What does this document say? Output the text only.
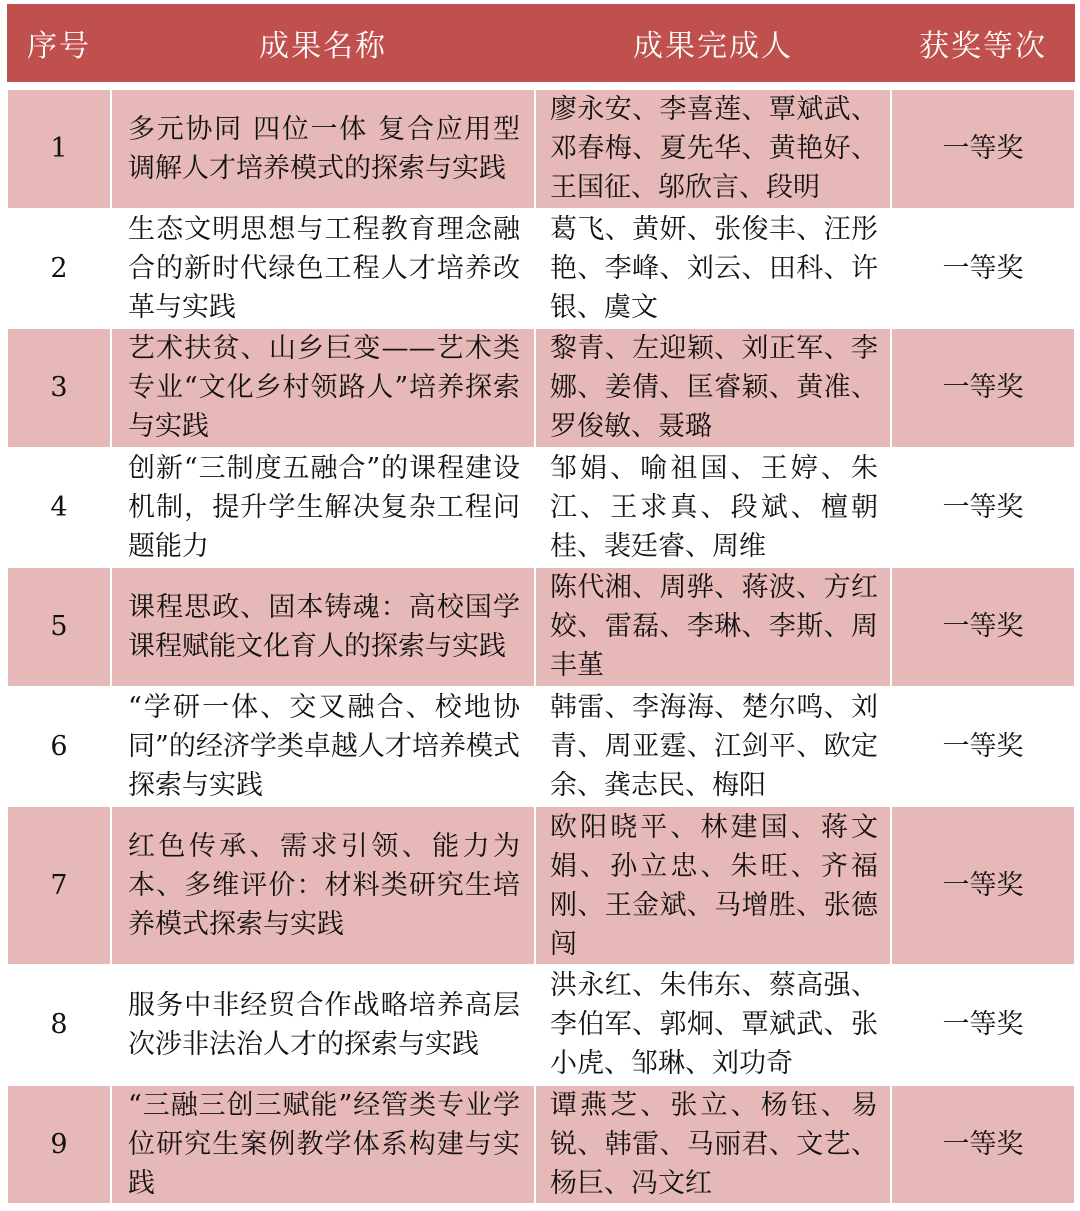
序号	成果名称	成果完成人	获奖等次

1	多元协同 四位一体 复合应用型调解人才培养模式的探索与实践	廖永安、李喜莲、覃斌武、邓春梅、夏先华、黄艳好、王国征、邬欣言、段明	一等奖
2	生态文明思想与工程教育理念融合的新时代绿色工程人才培养改革与实践	葛飞、黄妍、张俊丰、汪彤艳、李峰、刘云、田科、许银、虞文	一等奖
3	艺术扶贫、山乡巨变——艺术类专业“文化乡村领路人”培养探索与实践	黎青、左迎颖、刘正军、李娜、姜倩、匡睿颖、黄准、罗俊敏、聂璐	一等奖
4	创新“三制度五融合”的课程建设机制，提升学生解决复杂工程问题能力	邹娟、喻祖国、王婷、朱江、王求真、段斌、檀朝桂、裴廷睿、周维	一等奖
5	课程思政、固本铸魂：高校国学课程赋能文化育人的探索与实践	陈代湘、周骅、蒋波、方红姣、雷磊、李琳、李斯、周丰堇	一等奖
6	“学研一体、交叉融合、校地协同”的经济学类卓越人才培养模式探索与实践	韩雷、李海海、楚尔鸣、刘青、周亚霆、江剑平、欧定余、龚志民、梅阳	一等奖
7	红色传承、需求引领、能力为本、多维评价：材料类研究生培养模式探索与实践	欧阳晓平、林建国、蒋文娟、孙立忠、朱旺、齐福刚、王金斌、马增胜、张德闯	一等奖
8	服务中非经贸合作战略培养高层次涉非法治人才的探索与实践	洪永红、朱伟东、蔡高强、李伯军、郭炯、覃斌武、张小虎、邹琳、刘功奇	一等奖
9	“三融三创三赋能”经管类专业学位研究生案例教学体系构建与实践	谭燕芝、张立、杨钰、易锐、韩雷、马丽君、文艺、杨巨、冯文红	一等奖
